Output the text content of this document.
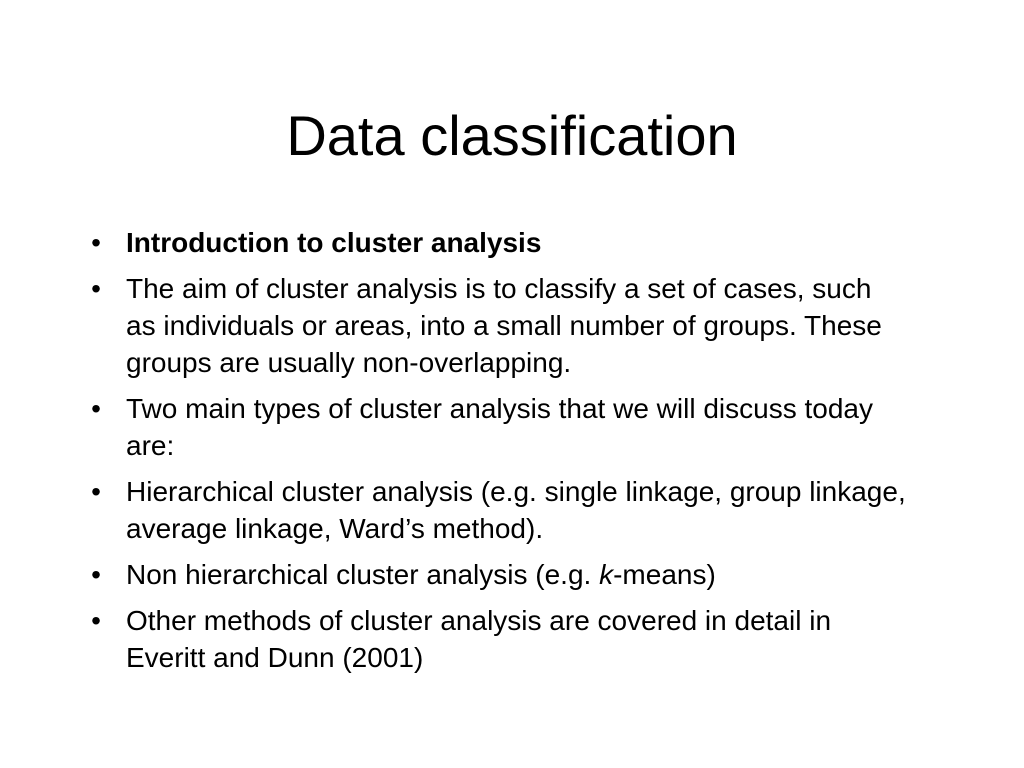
Data classification
• Introduction to cluster analysis
• The aim of cluster analysis is to classify a set of cases, such as individuals or areas, into a small number of groups. These groups are usually non-overlapping.
• Two main types of cluster analysis that we will discuss today are:
• Hierarchical cluster analysis (e.g. single linkage, group linkage, average linkage, Ward’s method).
• Non hierarchical cluster analysis (e.g. k-means)
• Other methods of cluster analysis are covered in detail in Everitt and Dunn (2001)
